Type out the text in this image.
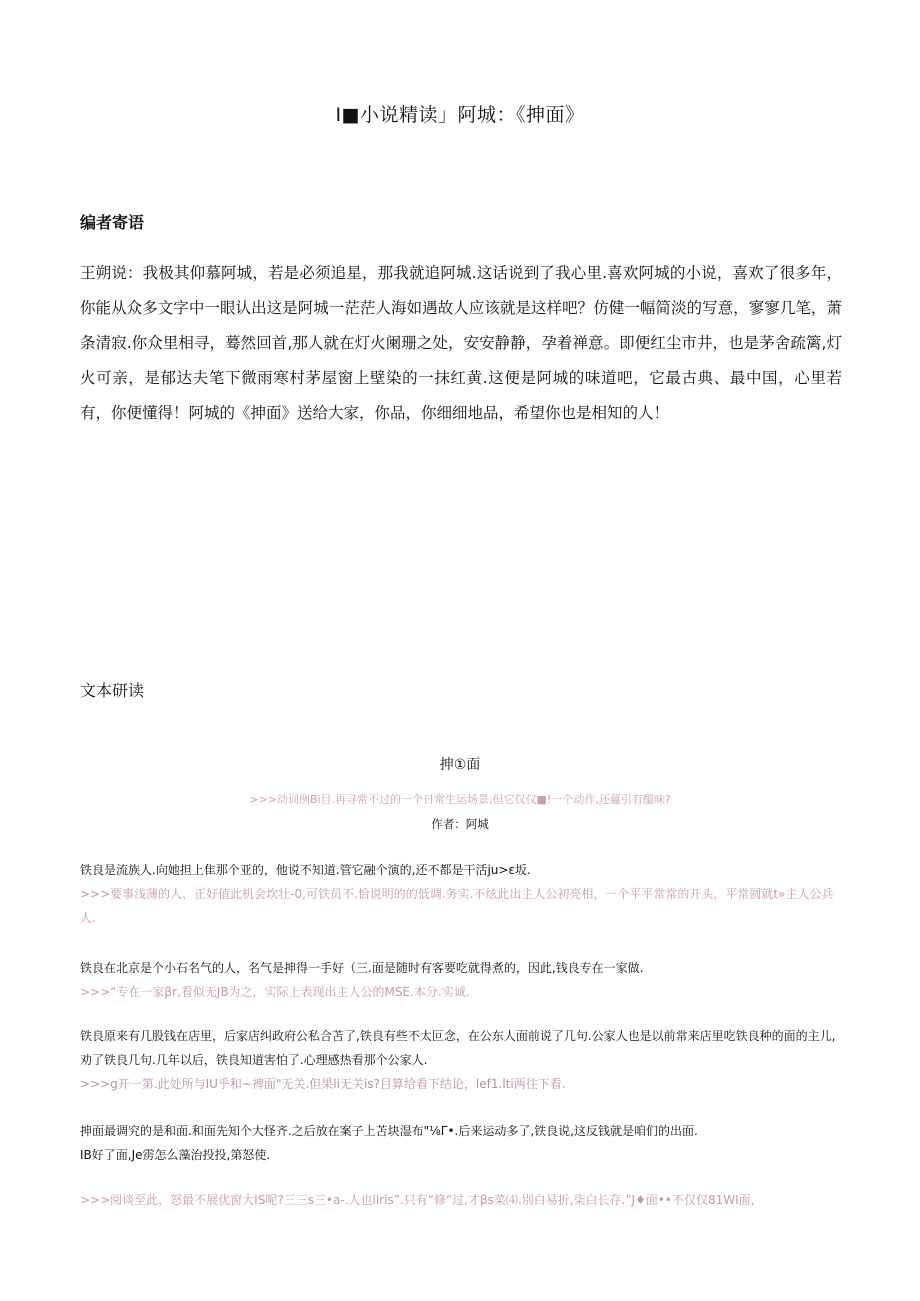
I■小说精读」阿城：《抻面》
编者寄语

王朔说：我极其仰慕阿城，若是必须追星，那我就追阿城.这话说到了我心里.喜欢阿城的小说，喜欢了很多年，你能从众多文字中一眼认出这是阿城一茫茫人海如遇故人应该就是这样吧？仿健一幅简淡的写意，寥寥几笔，萧条清寂.你众里相寻，蓦然回首,那人就在灯火阑珊之处，安安静静，孕着禅意。即便红尘市井，也是茅舍疏篱,灯火可亲，是郁达夫笔下微雨寒村茅屋窗上壁染的一抹红黄.这便是阿城的味道吧，它最古典、最中国，心里若有，你便懂得！阿城的《抻面》送给大家，你品，你细细地品，希望你也是相知的人！

文本研读
抻①面
>>>动词例Bi目.再寻常不过的一个日常生运场景,但它仅仅■!一个动作,还蘊引有醞味?
作者：阿城

铁良是流族人.向她担上隹那个亚的，他说不知道.管它融个演的,还不都是干活ju>ε坂.

>>>要事浅薄的人，正好值此机会坎壮-0,可铁员不.恰说明的的低调.务实.不炫此出主人公初亮相，一个平平常常的开头，平常圆就t»主人公兵人.

铁良在北京是个小石名气的人，名气是抻得一手好（三.面是随时有客要吃就得煮的，因此,钱良专在一家做.

>>>“专在一家βr,看似无JB为之，实际上表现出主人公的MSE.本分.实诚.

铁良原来有几股钱在店里，后家店纠政府公私合苫了,铁良有些不太叵念，在公东人面前说了几句.公家人也是以前常来店里吃铁良种的面的主儿,劝了铁良几句.几年以后，铁良知道害怕了.心理感热看那个公家人.

>>>g开一第.此处所与IU乎和~裨面"无关.但果li无关is?目算给看下结论，lef1.lti两往下看.

抻面最调究的是和面.和面先知个大怪齐.之后放在案子上苫块湿布"⅛Γ•.后来运动多了,铁良说,这反钱就是咱们的出面.

IB好了面,Je雳怎么藻治投投,第怒使.

>>>阅谈至此，怒最不展优窗大IS呢?三三s三•a-.人也llris”.只有“修”过,才βs菜⑷.別白易折,柒白长存.”J♦面••不仅仅81WI面，
